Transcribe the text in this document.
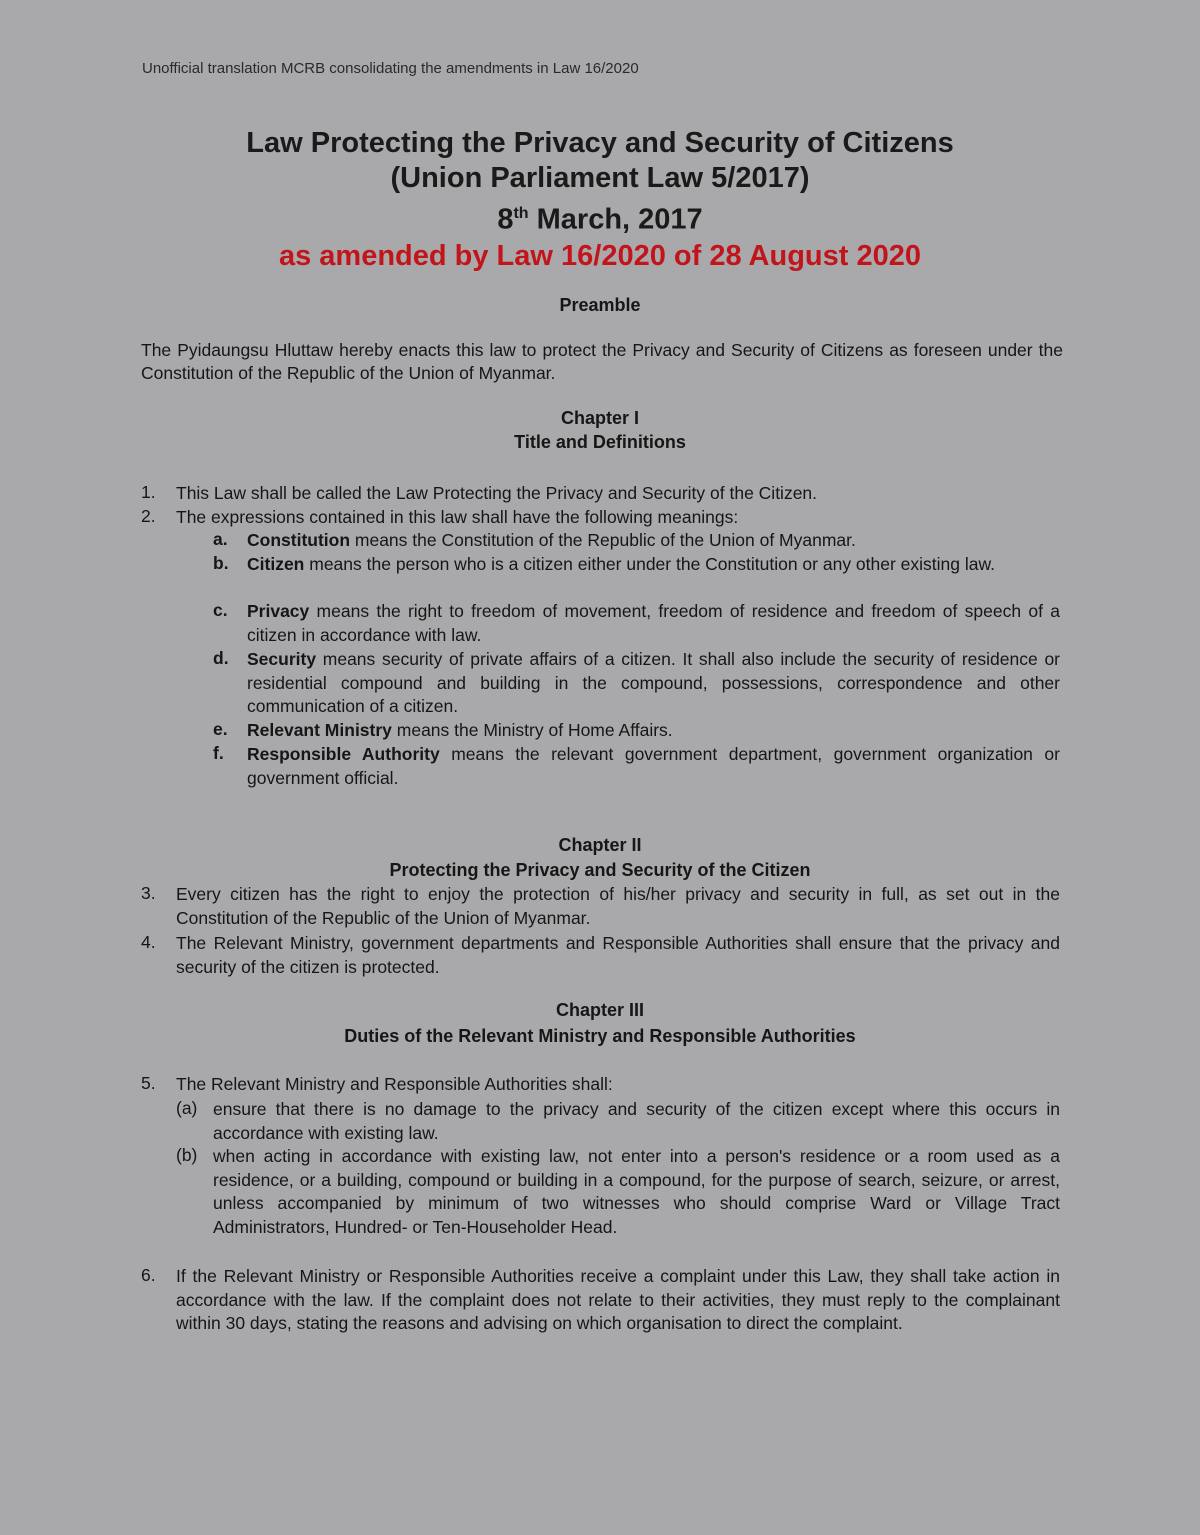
Unofficial translation MCRB consolidating the amendments in Law 16/2020
Law Protecting the Privacy and Security of Citizens
(Union Parliament Law 5/2017)
8th March, 2017
as amended by Law 16/2020 of 28 August 2020
Preamble
The Pyidaungsu Hluttaw hereby enacts this law to protect the Privacy and Security of Citizens as foreseen under the Constitution of the Republic of the Union of Myanmar.
Chapter I
Title and Definitions
1. This Law shall be called the Law Protecting the Privacy and Security of the Citizen.
2. The expressions contained in this law shall have the following meanings:
a. Constitution means the Constitution of the Republic of the Union of Myanmar.
b. Citizen means the person who is a citizen either under the Constitution or any other existing law.
c. Privacy means the right to freedom of movement, freedom of residence and freedom of speech of a citizen in accordance with law.
d. Security means security of private affairs of a citizen. It shall also include the security of residence or residential compound and building in the compound, possessions, correspondence and other communication of a citizen.
e. Relevant Ministry means the Ministry of Home Affairs.
f. Responsible Authority means the relevant government department, government organization or government official.
Chapter II
Protecting the Privacy and Security of the Citizen
3. Every citizen has the right to enjoy the protection of his/her privacy and security in full, as set out in the Constitution of the Republic of the Union of Myanmar.
4. The Relevant Ministry, government departments and Responsible Authorities shall ensure that the privacy and security of the citizen is protected.
Chapter III
Duties of the Relevant Ministry and Responsible Authorities
5. The Relevant Ministry and Responsible Authorities shall:
(a) ensure that there is no damage to the privacy and security of the citizen except where this occurs in accordance with existing law.
(b) when acting in accordance with existing law, not enter into a person's residence or a room used as a residence, or a building, compound or building in a compound, for the purpose of search, seizure, or arrest, unless accompanied by minimum of two witnesses who should comprise Ward or Village Tract Administrators, Hundred- or Ten-Householder Head.
6. If the Relevant Ministry or Responsible Authorities receive a complaint under this Law, they shall take action in accordance with the law. If the complaint does not relate to their activities, they must reply to the complainant within 30 days, stating the reasons and advising on which organisation to direct the complaint.
